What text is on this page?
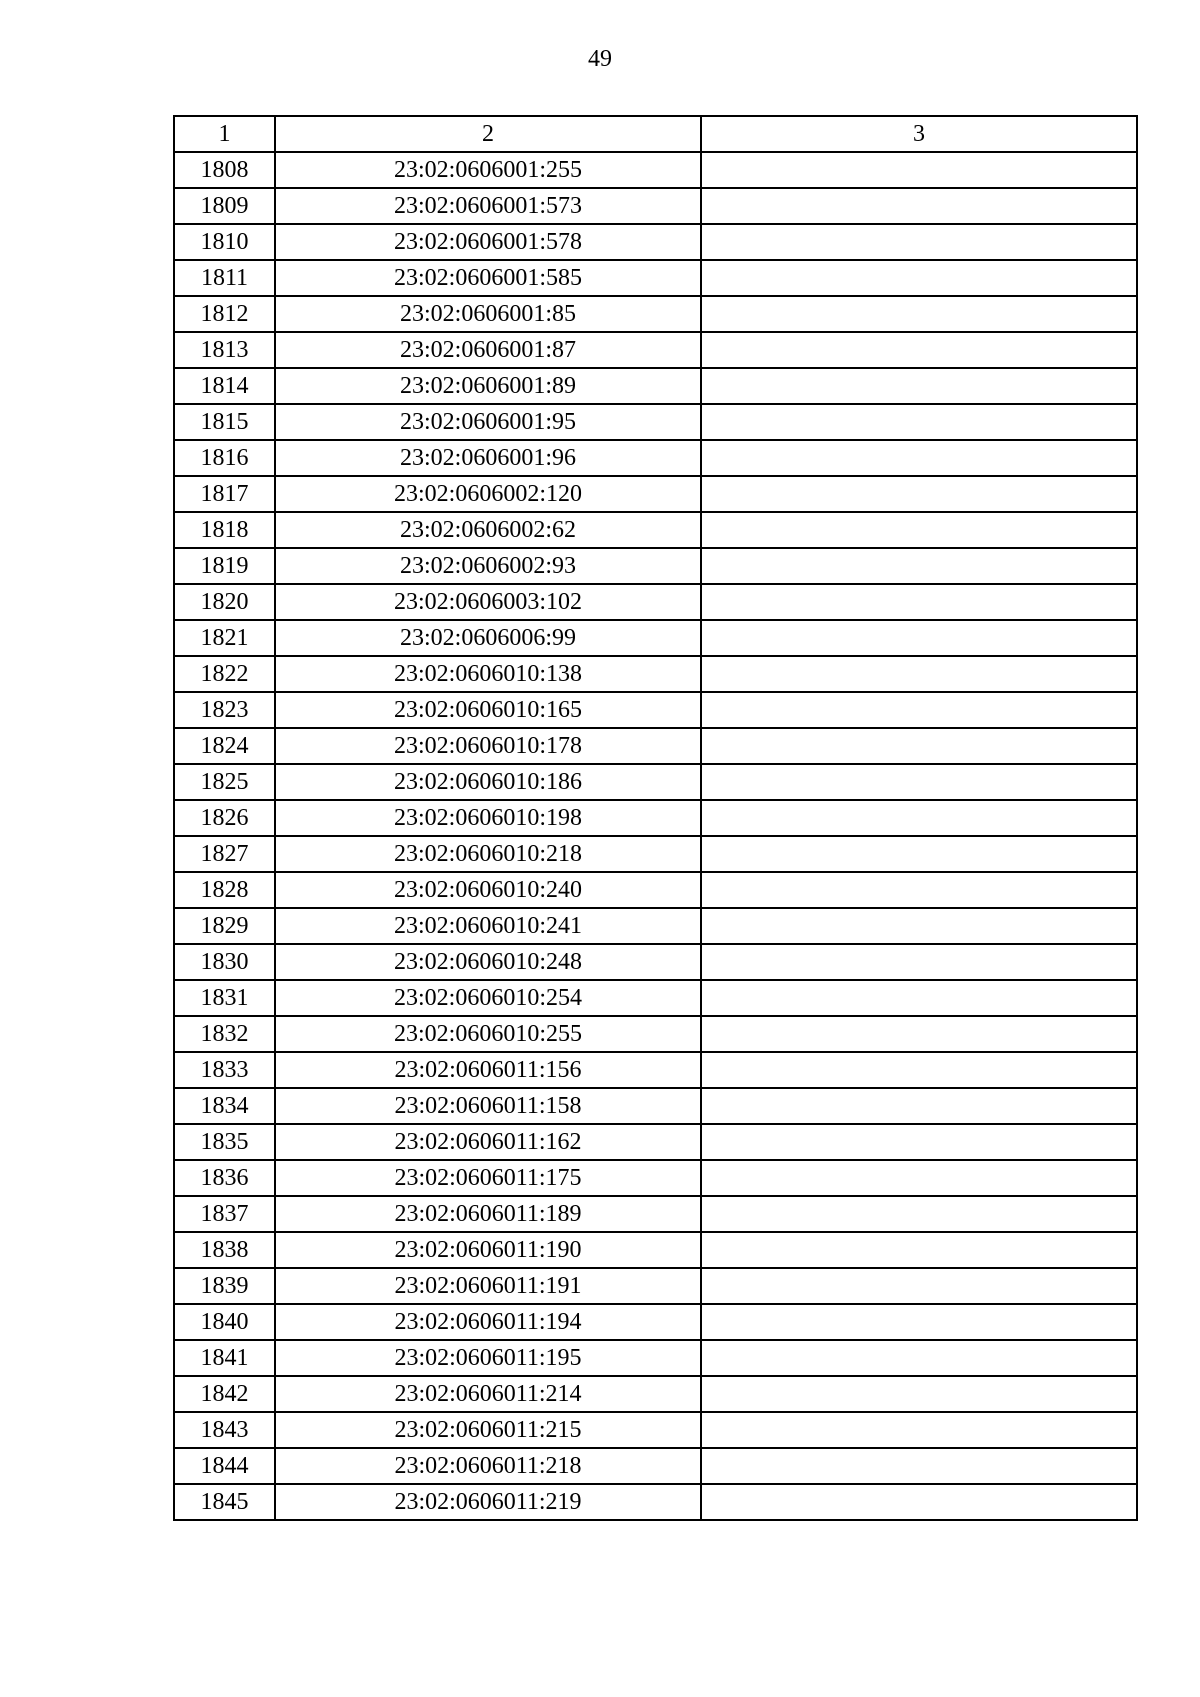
49
1	2	3
1808	23:02:0606001:255	
1809	23:02:0606001:573	
1810	23:02:0606001:578	
1811	23:02:0606001:585	
1812	23:02:0606001:85	
1813	23:02:0606001:87	
1814	23:02:0606001:89	
1815	23:02:0606001:95	
1816	23:02:0606001:96	
1817	23:02:0606002:120	
1818	23:02:0606002:62	
1819	23:02:0606002:93	
1820	23:02:0606003:102	
1821	23:02:0606006:99	
1822	23:02:0606010:138	
1823	23:02:0606010:165	
1824	23:02:0606010:178	
1825	23:02:0606010:186	
1826	23:02:0606010:198	
1827	23:02:0606010:218	
1828	23:02:0606010:240	
1829	23:02:0606010:241	
1830	23:02:0606010:248	
1831	23:02:0606010:254	
1832	23:02:0606010:255	
1833	23:02:0606011:156	
1834	23:02:0606011:158	
1835	23:02:0606011:162	
1836	23:02:0606011:175	
1837	23:02:0606011:189	
1838	23:02:0606011:190	
1839	23:02:0606011:191	
1840	23:02:0606011:194	
1841	23:02:0606011:195	
1842	23:02:0606011:214	
1843	23:02:0606011:215	
1844	23:02:0606011:218	
1845	23:02:0606011:219	
